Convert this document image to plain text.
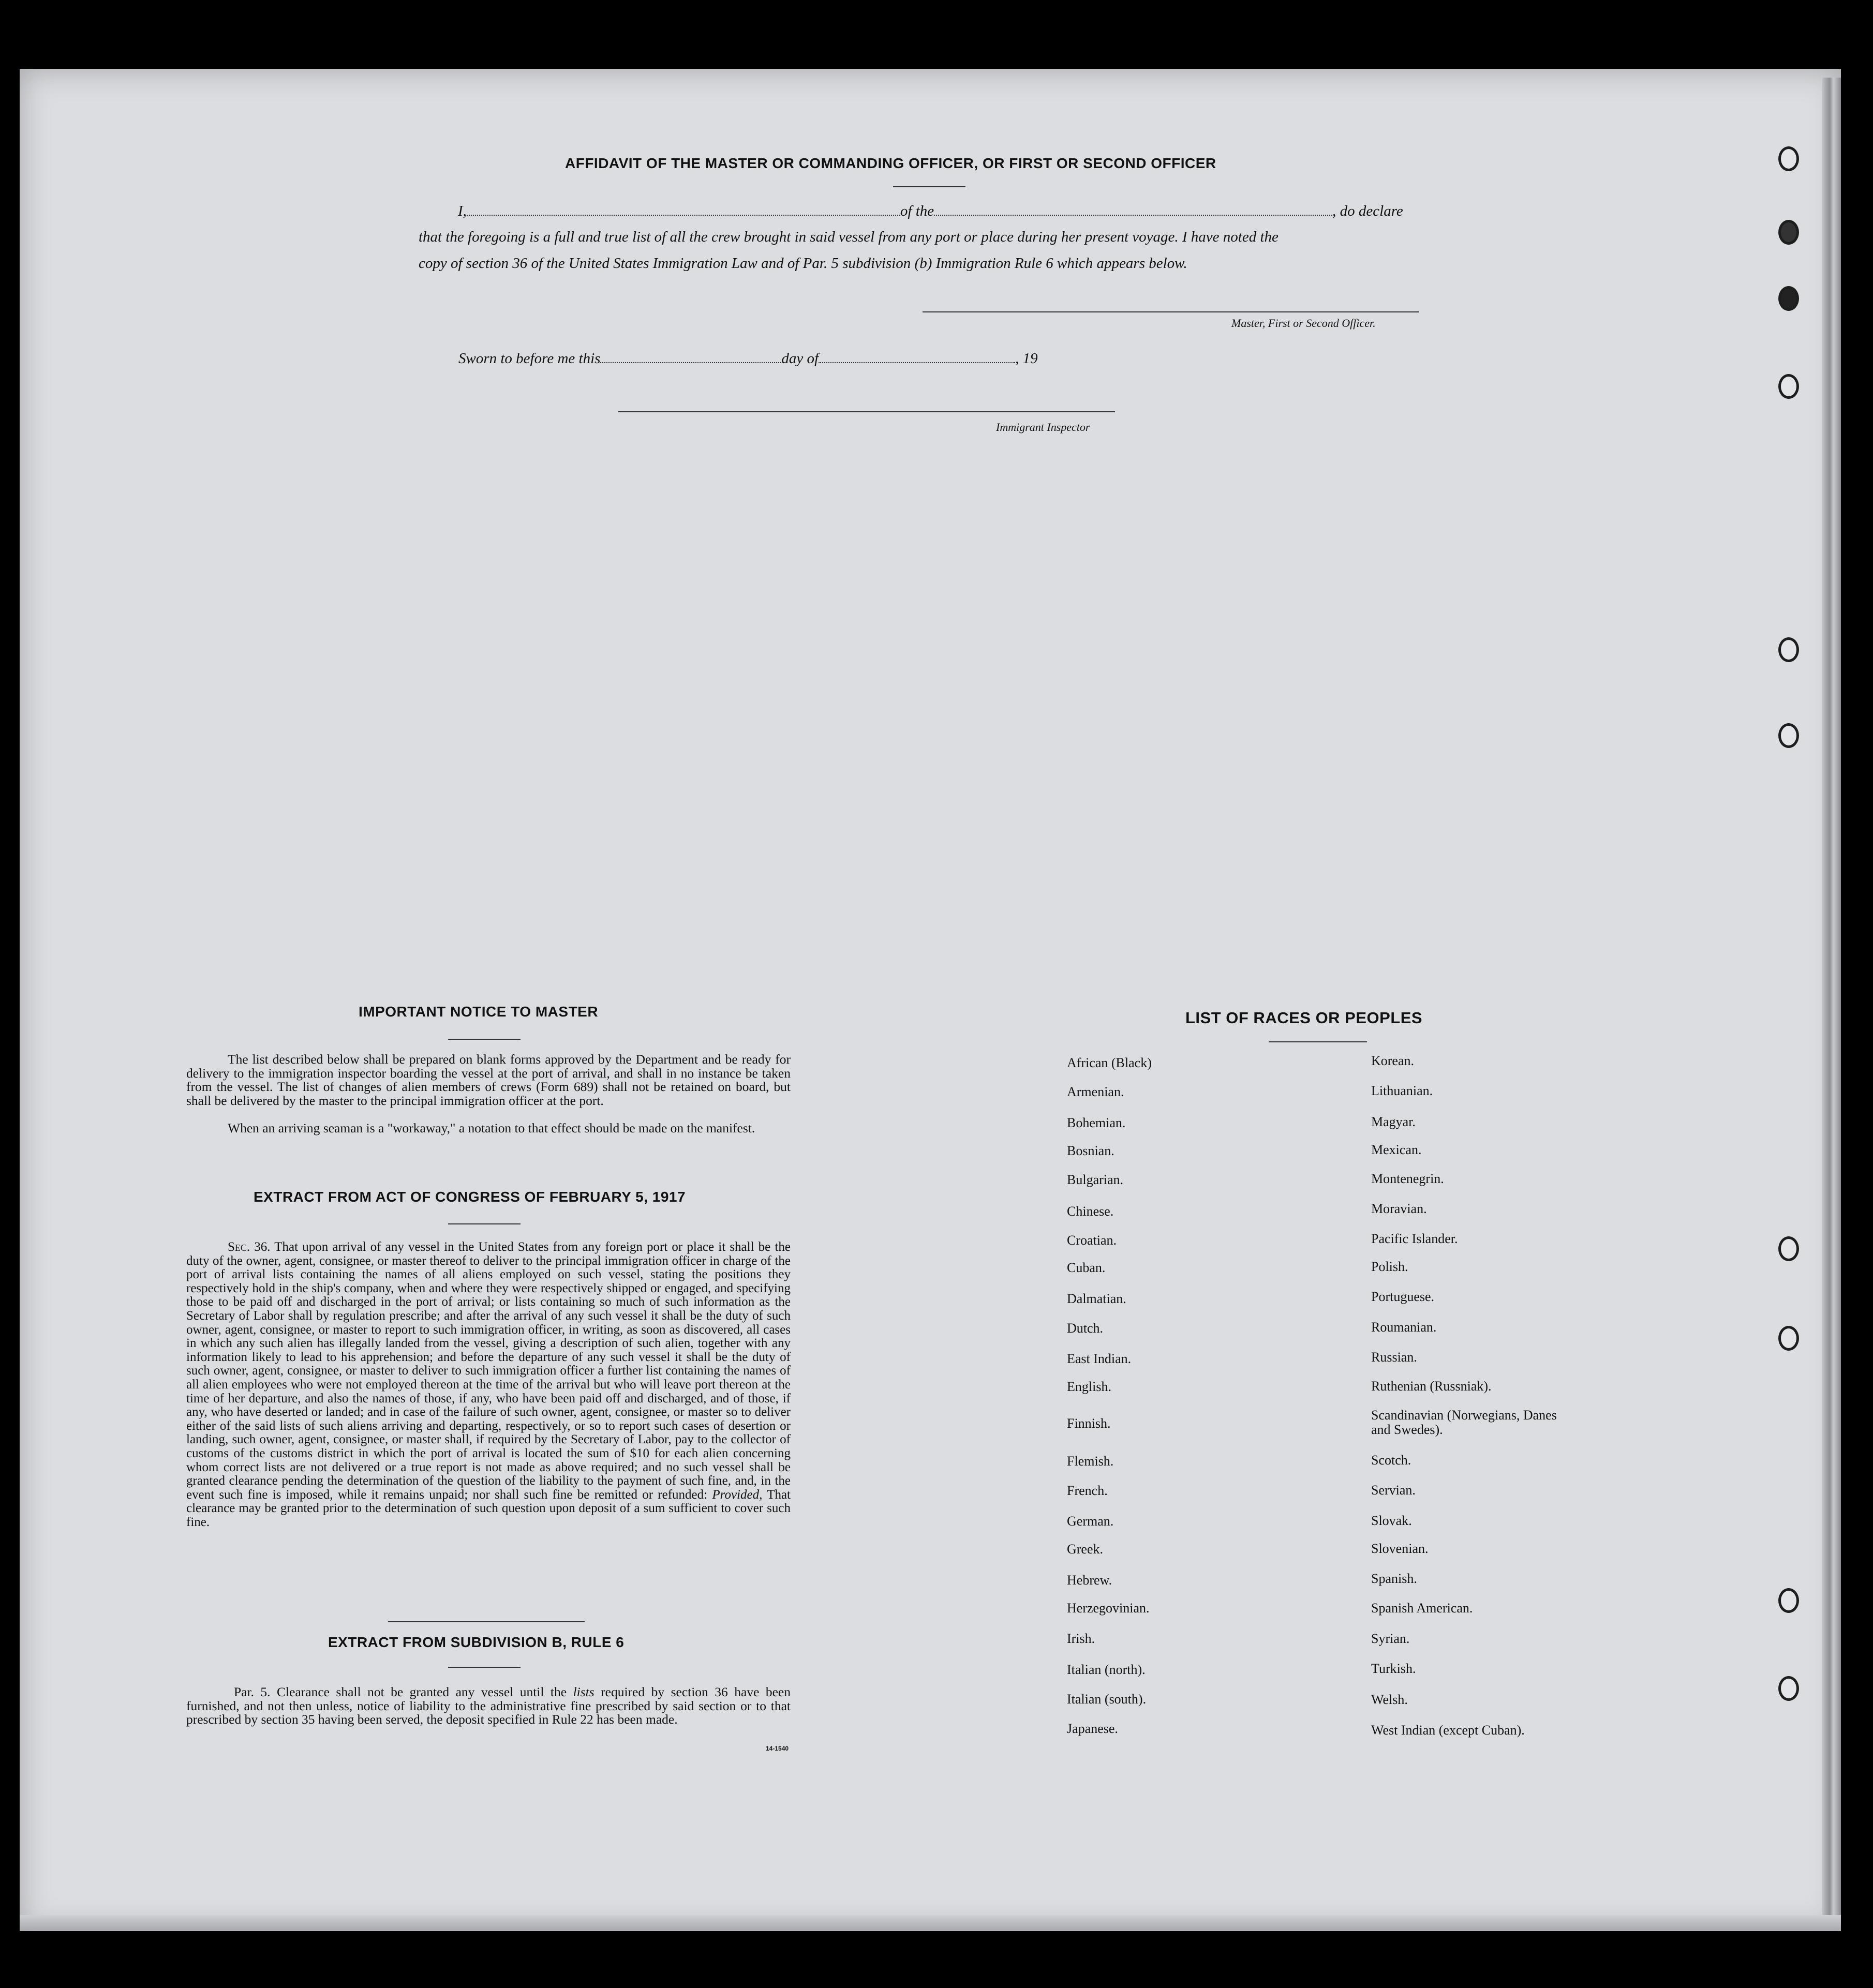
AFFIDAVIT OF THE MASTER OR COMMANDING OFFICER, OR FIRST OR SECOND OFFICER
I,	of the	, do declare
that the foregoing is a full and true list of all the crew brought in said vessel from any port or place during her present voyage. I have noted the
copy of section 36 of the United States Immigration Law and of Par. 5 subdivision (b) Immigration Rule 6 which appears below.
Master, First or Second Officer.
Sworn to before me this	day of	, 19
Immigrant Inspector
IMPORTANT NOTICE TO MASTER
The list described below shall be prepared on blank forms approved by the Department and be ready for delivery to the immigration inspector boarding the vessel at the port of arrival, and shall in no instance be taken from the vessel. The list of changes of alien members of crews (Form 689) shall not be retained on board, but shall be delivered by the master to the principal immigration officer at the port.
When an arriving seaman is a "workaway," a notation to that effect should be made on the manifest.
EXTRACT FROM ACT OF CONGRESS OF FEBRUARY 5, 1917
Sec. 36. That upon arrival of any vessel in the United States from any foreign port or place it shall be the duty of the owner, agent, consignee, or master thereof to deliver to the principal immigration officer in charge of the port of arrival lists containing the names of all aliens employed on such vessel, stating the positions they respectively hold in the ship's company, when and where they were respectively shipped or engaged, and specifying those to be paid off and discharged in the port of arrival; or lists containing so much of such information as the Secretary of Labor shall by regulation prescribe; and after the arrival of any such vessel it shall be the duty of such owner, agent, consignee, or master to report to such immigration officer, in writing, as soon as discovered, all cases in which any such alien has illegally landed from the vessel, giving a description of such alien, together with any information likely to lead to his apprehension; and before the departure of any such vessel it shall be the duty of such owner, agent, consignee, or master to deliver to such immigration officer a further list containing the names of all alien employees who were not employed thereon at the time of the arrival but who will leave port thereon at the time of her departure, and also the names of those, if any, who have been paid off and discharged, and of those, if any, who have deserted or landed; and in case of the failure of such owner, agent, consignee, or master so to deliver either of the said lists of such aliens arriving and departing, respectively, or so to report such cases of desertion or landing, such owner, agent, consignee, or master shall, if required by the Secretary of Labor, pay to the collector of customs of the customs district in which the port of arrival is located the sum of $10 for each alien concerning whom correct lists are not delivered or a true report is not made as above required; and no such vessel shall be granted clearance pending the determination of the question of the liability to the payment of such fine, and, in the event such fine is imposed, while it remains unpaid; nor shall such fine be remitted or refunded: Provided, That clearance may be granted prior to the determination of such question upon deposit of a sum sufficient to cover such fine.
EXTRACT FROM SUBDIVISION B, RULE 6
Par. 5. Clearance shall not be granted any vessel until the lists required by section 36 have been furnished, and not then unless, notice of liability to the administrative fine prescribed by said section or to that prescribed by section 35 having been served, the deposit specified in Rule 22 has been made.
14-1540
LIST OF RACES OR PEOPLES
African (Black)
Armenian.
Bohemian.
Bosnian.
Bulgarian.
Chinese.
Croatian.
Cuban.
Dalmatian.
Dutch.
East Indian.
English.
Finnish.
Flemish.
French.
German.
Greek.
Hebrew.
Herzegovinian.
Irish.
Italian (north).
Italian (south).
Japanese.
Korean.
Lithuanian.
Magyar.
Mexican.
Montenegrin.
Moravian.
Pacific Islander.
Polish.
Portuguese.
Roumanian.
Russian.
Ruthenian (Russniak).
Scandinavian (Norwegians, Danes and Swedes).
Scotch.
Servian.
Slovak.
Slovenian.
Spanish.
Spanish American.
Syrian.
Turkish.
Welsh.
West Indian (except Cuban).
